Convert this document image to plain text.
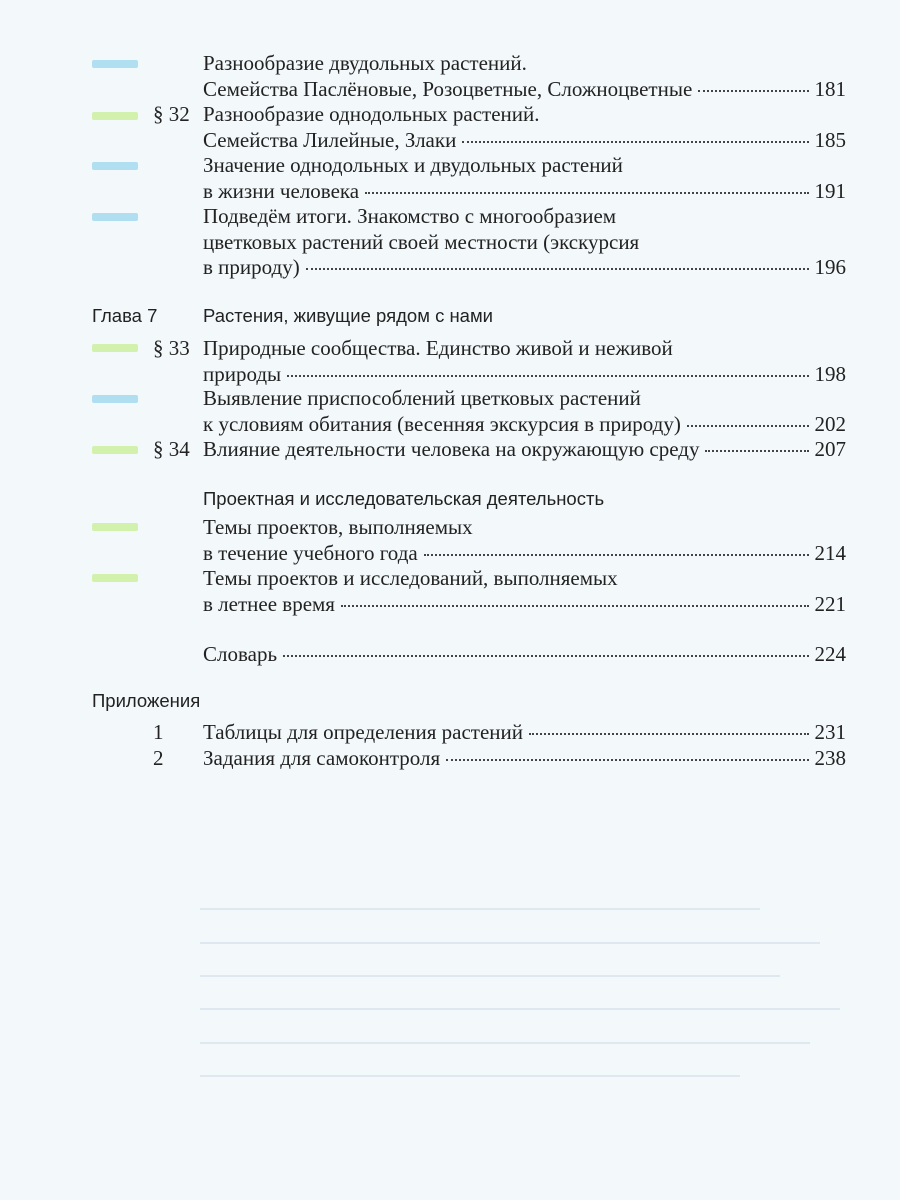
Разнообразие двудольных растений.
Семейства Паслёновые, Розоцветные, Сложноцветные	181
§ 32 Разнообразие однодольных растений.
Семейства Лилейные, Злаки	185
Значение однодольных и двудольных растений
в жизни человека	191
Подведём итоги. Знакомство с многообразием
цветковых растений своей местности (экскурсия
в природу)	196
Глава 7	Растения, живущие рядом с нами
§ 33 Природные сообщества. Единство живой и неживой
природы	198
Выявление приспособлений цветковых растений
к условиям обитания (весенняя экскурсия в природу)	202
§ 34 Влияние деятельности человека на окружающую среду	207
Проектная и исследовательская деятельность
Темы проектов, выполняемых
в течение учебного года	214
Темы проектов и исследований, выполняемых
в летнее время	221
Словарь	224
Приложения
1 Таблицы для определения растений	231
2 Задания для самоконтроля	238
